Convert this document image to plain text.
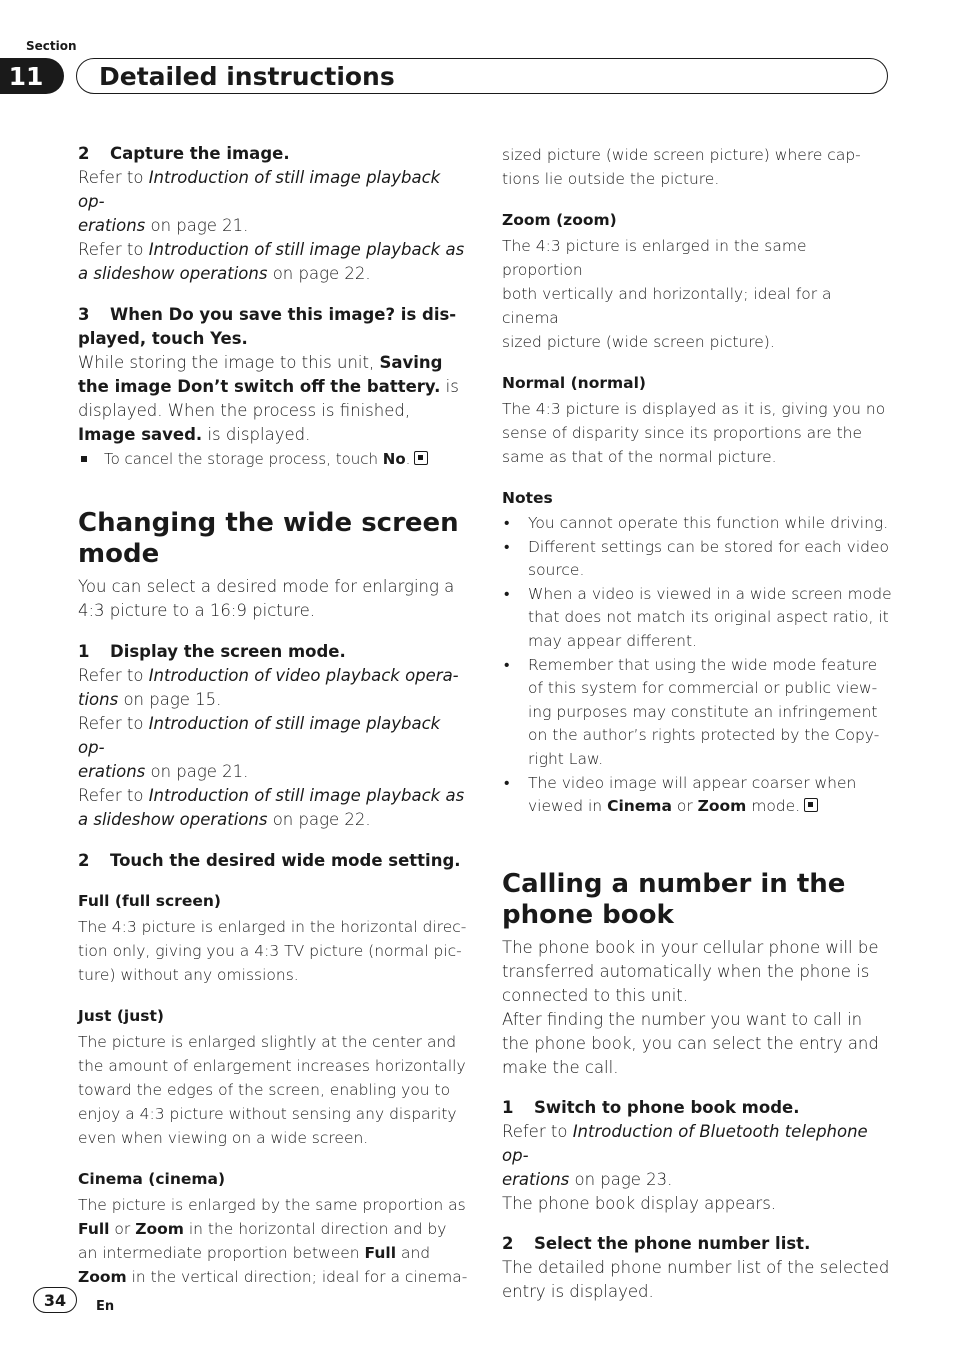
Section
11	Detailed instructions

2 Capture the image.

Refer to Introduction of still image playback op-
erations on page 21.

Refer to Introduction of still image playback as
a slideshow operations on page 22.

3 When Do you save this image? is dis-
played, touch Yes.

While storing the image to this unit, Saving
the image Don’t switch off the battery. is
displayed. When the process is finished,
Image saved. is displayed.

To cancel the storage process, touch No.

Changing the wide screen
mode

You can select a desired mode for enlarging a
4:3 picture to a 16:9 picture.

1 Display the screen mode.

Refer to Introduction of video playback opera-
tions on page 15.

Refer to Introduction of still image playback op-
erations on page 21.

Refer to Introduction of still image playback as
a slideshow operations on page 22.

2 Touch the desired wide mode setting.

Full (full screen)

The 4:3 picture is enlarged in the horizontal direc-
tion only, giving you a 4:3 TV picture (normal pic-
ture) without any omissions.

Just (just)

The picture is enlarged slightly at the center and
the amount of enlargement increases horizontally
toward the edges of the screen, enabling you to
enjoy a 4:3 picture without sensing any disparity
even when viewing on a wide screen.

Cinema (cinema)

The picture is enlarged by the same proportion as
Full or Zoom in the horizontal direction and by
an intermediate proportion between Full and
Zoom in the vertical direction; ideal for a cinema-

sized picture (wide screen picture) where cap-
tions lie outside the picture.

Zoom (zoom)

The 4:3 picture is enlarged in the same proportion
both vertically and horizontally; ideal for a cinema
sized picture (wide screen picture).

Normal (normal)

The 4:3 picture is displayed as it is, giving you no
sense of disparity since its proportions are the
same as that of the normal picture.

Notes

• You cannot operate this function while driving.

• Different settings can be stored for each video
source.

• When a video is viewed in a wide screen mode
that does not match its original aspect ratio, it
may appear different.

• Remember that using the wide mode feature
of this system for commercial or public view-
ing purposes may constitute an infringement
on the author’s rights protected by the Copy-
right Law.

• The video image will appear coarser when
viewed in Cinema or Zoom mode.

Calling a number in the
phone book

The phone book in your cellular phone will be
transferred automatically when the phone is
connected to this unit.

After finding the number you want to call in
the phone book, you can select the entry and
make the call.

1 Switch to phone book mode.

Refer to Introduction of Bluetooth telephone op-
erations on page 23.

The phone book display appears.

2 Select the phone number list.

The detailed phone number list of the selected
entry is displayed.

34	En
